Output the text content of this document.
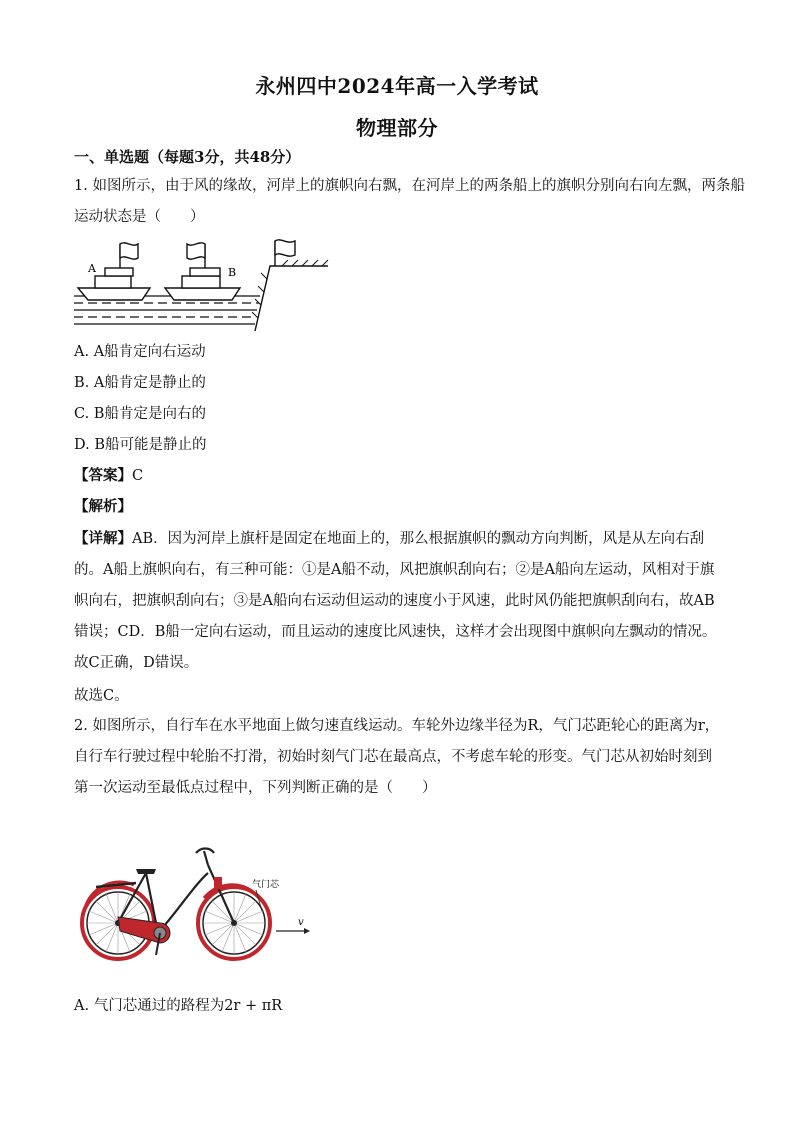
永州四中2024年高一入学考试
物理部分
一、单选题（每题3分，共48分）
1. 如图所示，由于风的缘故，河岸上的旗帜向右飘，在河岸上的两条船上的旗帜分别向右向左飘，两条船
运动状态是（　　）
A	B
A. A船肯定向右运动
B. A船肯定是静止的
C. B船肯定是向右的
D. B船可能是静止的
【答案】C
【解析】
【详解】AB．因为河岸上旗杆是固定在地面上的，那么根据旗帜的飘动方向判断，风是从左向右刮的。A船上旗帜向右，有三种可能：①是A船不动，风把旗帜刮向右；②是A船向左运动，风相对于旗帜向右，把旗帜刮向右；③是A船向右运动但运动的速度小于风速，此时风仍能把旗帜刮向右，故AB错误；CD．B船一定向右运动，而且运动的速度比风速快，这样才会出现图中旗帜向左飘动的情况。故C正确，D错误。
故选C。
2. 如图所示，自行车在水平地面上做匀速直线运动。车轮外边缘半径为R，气门芯距轮心的距离为r，自行车行驶过程中轮胎不打滑，初始时刻气门芯在最高点，不考虑车轮的形变。气门芯从初始时刻到第一次运动至最低点过程中，下列判断正确的是（　　）
气门芯
v
A. 气门芯通过的路程为2r + πR
